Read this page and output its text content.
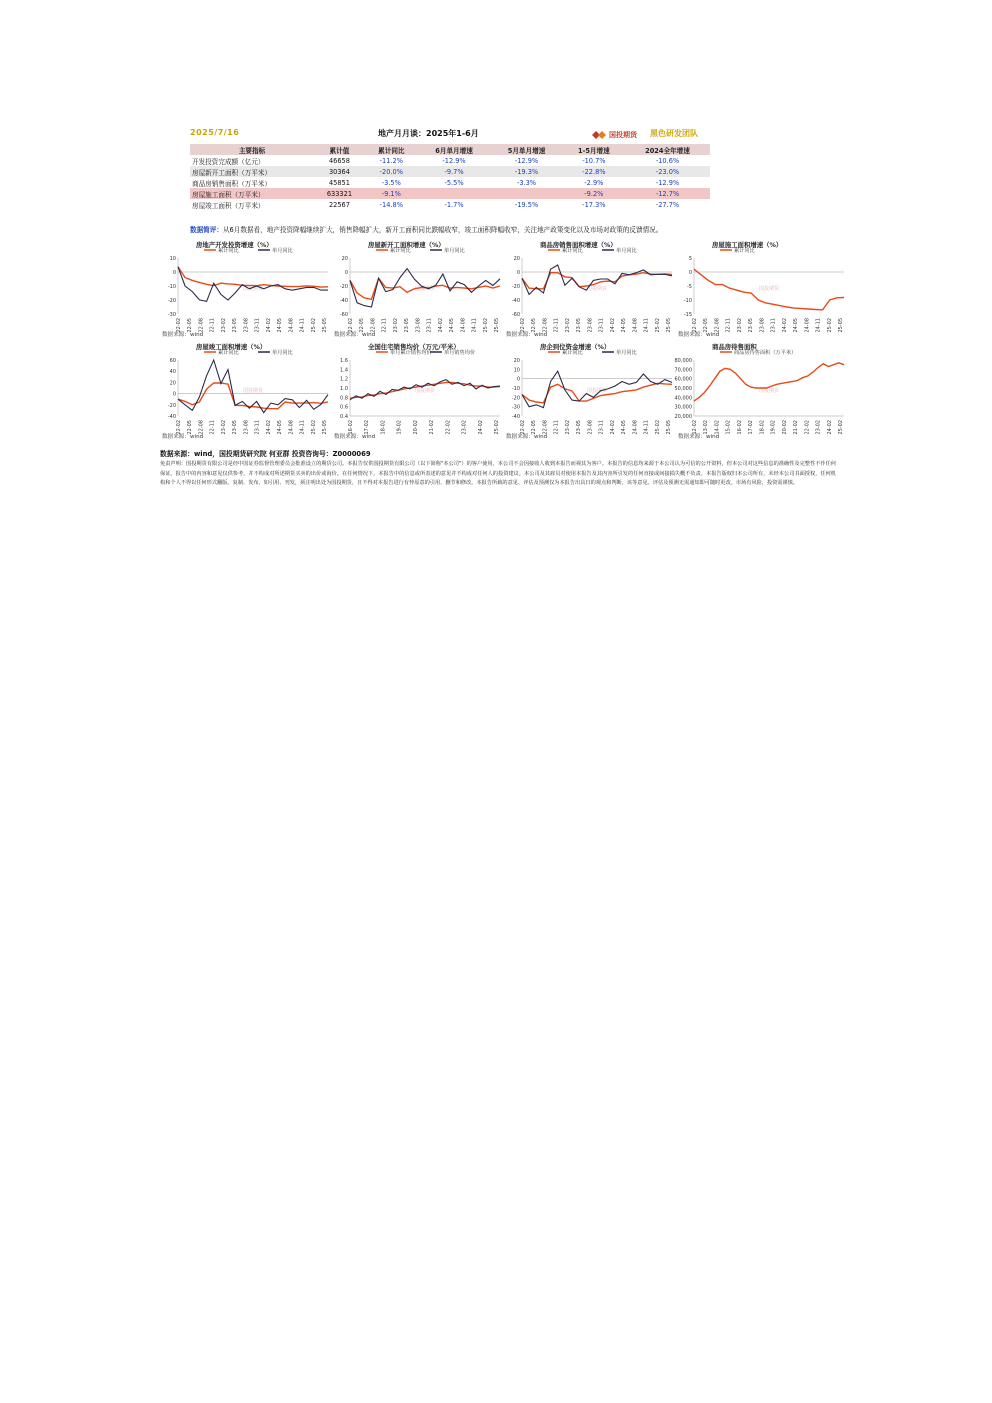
2025/7/16	地产月月谈：2025年1-6月	国投期货 黑色研发团队
主要指标	累计值	累计同比	6月单月增速	5月单月增速	1-5月增速	2024全年增速
开发投资完成额（亿元）	46658	-11.2%	-12.9%	-12.9%	-10.7%	-10.6%
房屋新开工面积（万平米）	30364	-20.0%	-9.7%	-19.3%	-22.8%	-23.0%
商品房销售面积（万平米）	45851	-3.5%	-5.5%	-3.3%	-2.9%	-12.9%
房屋施工面积（万平米）	633321	-9.1%			-9.2%	-12.7%
房屋竣工面积（万平米）	22567	-14.8%	-1.7%	-19.5%	-17.3%	-27.7%
数据简评：从6月数据看，地产投资降幅继续扩大，销售降幅扩大，新开工面积同比跌幅收窄，竣工面积降幅收窄，关注地产政策变化以及市场对政策的反馈情况。
房地产开发投资增速（%）
累计同比	单月同比
10
0
-10
-20
-30
22-02 22-05 22-08 22-11 23-02 23-05 23-08 23-11 24-02 24-05 24-08 24-11 25-02 25-05
国投期货
数据来源：wind
房屋新开工面积增速（%）
累计同比	单月同比
20
0
-20
-40
-60
22-02 22-05 22-08 22-11 23-02 23-05 23-08 23-11 24-02 24-05 24-08 24-11 25-02 25-05
国投期货
数据来源：wind
商品房销售面积增速（%）
累计同比	单月同比
20
0
-20
-40
-60
22-02 22-05 22-08 22-11 23-02 23-05 23-08 23-11 24-02 24-05 24-08 24-11 25-02 25-05
国投期货
数据来源：wind
房屋施工面积增速（%）
累计同比
5
0
-5
-10
-15
22-02 22-05 22-08 22-11 23-02 23-05 23-08 23-11 24-02 24-05 24-08 24-11 25-02 25-05
国投期货
数据来源：wind
房屋竣工面积增速（%）
累计同比	单月同比
60
40
20
0
-20
-40
22-02 22-05 22-08 22-11 23-02 23-05 23-08 23-11 24-02 24-05 24-08 24-11 25-02 25-05
国投期货
数据来源：wind
全国住宅销售均价（万元/平米）
单月累计销售均价 单月销售均价
1.6
1.4
1.2
1.0
0.8
0.6
0.4
16-02 17-02 18-02 19-02 20-02 21-02 22-02 23-02 24-02 25-02
国投期货
数据来源：wind
房企到位资金增速（%）
累计同比	单月同比
20
10
0
-10
-20
-30
-40
22-02 22-05 22-08 22-11 23-02 23-05 23-08 23-11 24-02 24-05 24-08 24-11 25-02 25-05
国投期货
数据来源：wind
商品房待售面积
商品房待售面积（万平米）
80,000
70,000
60,000
50,000
40,000
30,000
20,000
12-02 13-02 14-02 15-02 16-02 17-02 18-02 19-02 20-02 21-02 22-02 23-02 24-02 25-02
国投期货
数据来源：wind
数据来源：wind，国投期货研究院 何亚群 投资咨询号：Z0000069
免责声明：国投期货有限公司是经中国证券监督管理委员会批准设立的期货公司。本报告仅供国投期货有限公司（以下简称"本公司"）的客户使用，本公司不会因接收人收到本报告而视其为客户。本报告的信息均来源于本公司认为可信的公开资料，但本公司对这些信息的准确性及完整性不作任何保证。报告中的内容和意见仅供参考，并不构成对所述期货买卖的出价或询价。在任何情况下，本报告中的信息或所表述的意见并不构成对任何人的投资建议。本公司及其雇员对使用本报告及其内容所引发的任何直接或间接损失概不负责。本报告版权归本公司所有，未经本公司书面授权，任何机构和个人不得以任何形式翻版、复制、发布，如引用、刊发，须注明出处为国投期货，且不得对本报告进行有悖原意的引用、删节和修改。本报告所载的意见、评估及预测仅为本报告出具日的观点和判断，该等意见、评估及预测无需通知即可随时更改。市场有风险，投资需谨慎。
